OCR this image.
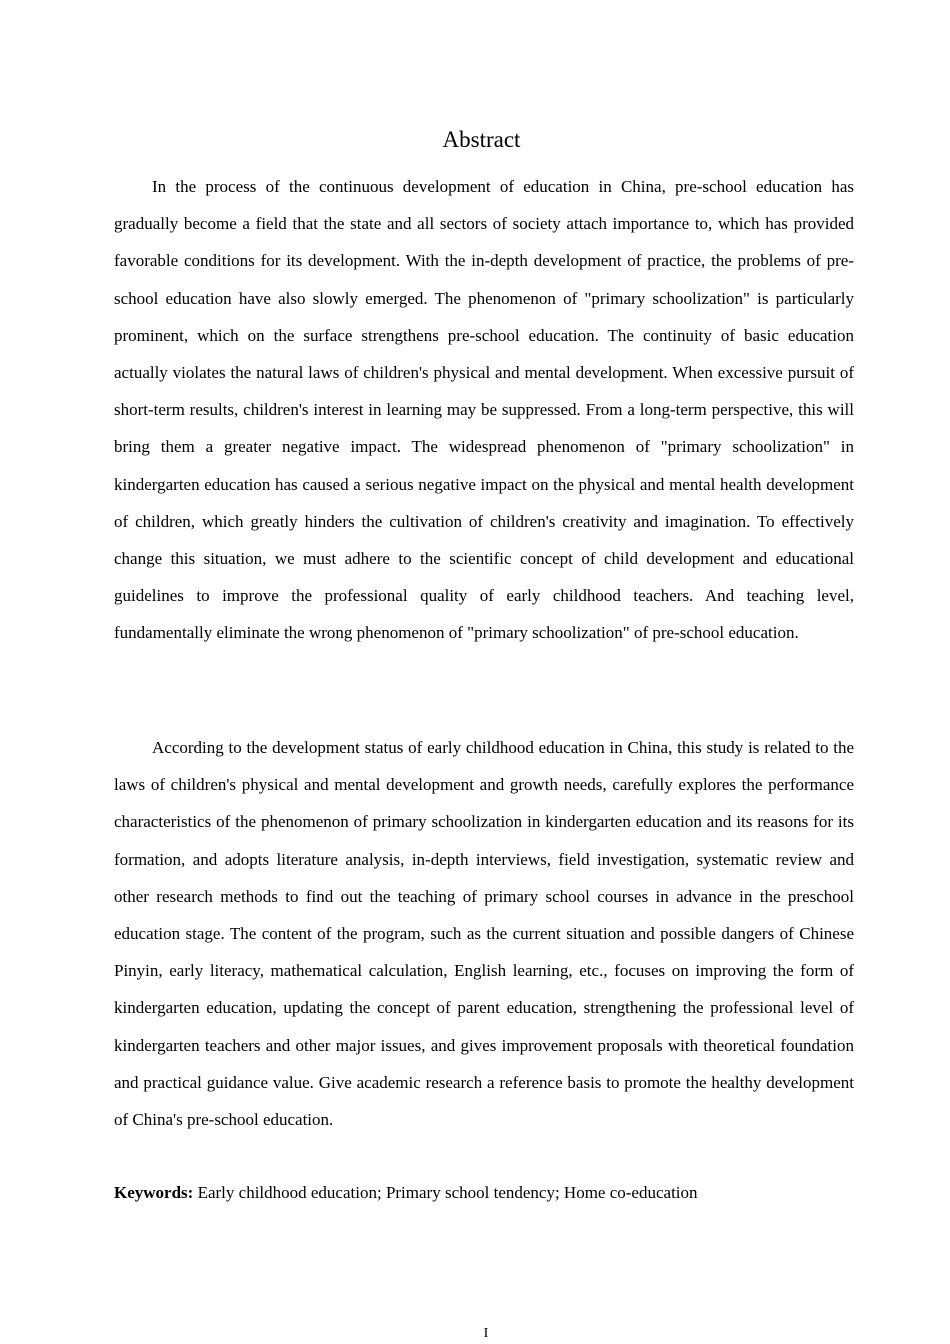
Abstract

In the process of the continuous development of education in China, pre-school education has gradually become a field that the state and all sectors of society attach importance to, which has provided favorable conditions for its development. With the in-depth development of practice, the problems of pre-school education have also slowly emerged. The phenomenon of "primary schoolization" is particularly prominent, which on the surface strengthens pre-school education. The continuity of basic education actually violates the natural laws of children's physical and mental development. When excessive pursuit of short-term results, children's interest in learning may be suppressed. From a long-term perspective, this will bring them a greater negative impact. The widespread phenomenon of "primary schoolization" in kindergarten education has caused a serious negative impact on the physical and mental health development of children, which greatly hinders the cultivation of children's creativity and imagination. To effectively change this situation, we must adhere to the scientific concept of child development and educational guidelines to improve the professional quality of early childhood teachers. And teaching level, fundamentally eliminate the wrong phenomenon of "primary schoolization" of pre-school education.

According to the development status of early childhood education in China, this study is related to the laws of children's physical and mental development and growth needs, carefully explores the performance characteristics of the phenomenon of primary schoolization in kindergarten education and its reasons for its formation, and adopts literature analysis, in-depth interviews, field investigation, systematic review and other research methods to find out the teaching of primary school courses in advance in the preschool education stage. The content of the program, such as the current situation and possible dangers of Chinese Pinyin, early literacy, mathematical calculation, English learning, etc., focuses on improving the form of kindergarten education, updating the concept of parent education, strengthening the professional level of kindergarten teachers and other major issues, and gives improvement proposals with theoretical foundation and practical guidance value. Give academic research a reference basis to promote the healthy development of China's pre-school education.

Keywords: Early childhood education; Primary school tendency; Home co-education

I
